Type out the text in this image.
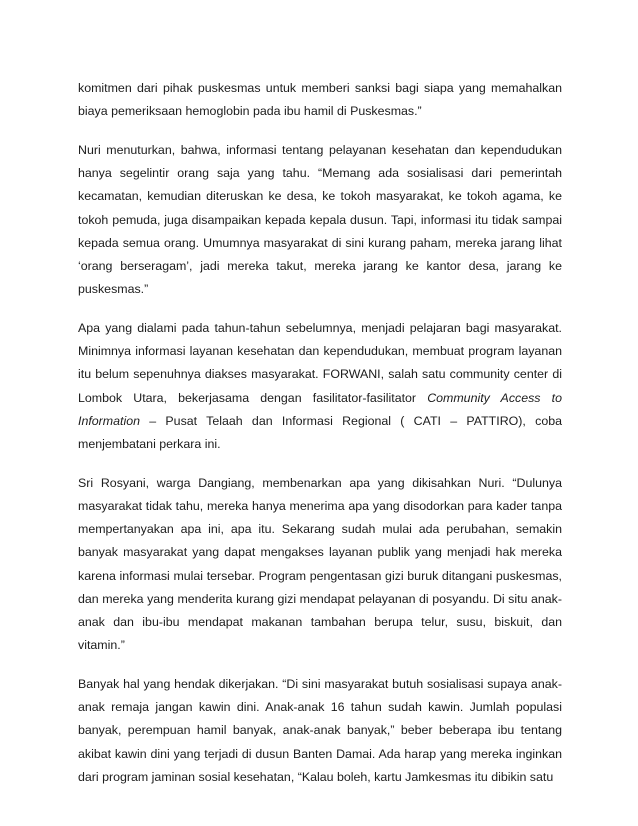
komitmen dari pihak puskesmas untuk memberi sanksi bagi siapa yang memahalkan biaya pemeriksaan hemoglobin pada ibu hamil di Puskesmas.”

Nuri menuturkan, bahwa, informasi tentang pelayanan kesehatan dan kependudukan hanya segelintir orang saja yang tahu. “Memang ada sosialisasi dari pemerintah kecamatan, kemudian diteruskan ke desa, ke tokoh masyarakat, ke tokoh agama, ke tokoh pemuda, juga disampaikan kepada kepala dusun. Tapi, informasi itu tidak sampai kepada semua orang. Umumnya masyarakat di sini kurang paham, mereka jarang lihat ‘orang berseragam’, jadi mereka takut, mereka jarang ke kantor desa, jarang ke puskesmas.”

Apa yang dialami pada tahun-tahun sebelumnya, menjadi pelajaran bagi masyarakat. Minimnya informasi layanan kesehatan dan kependudukan, membuat program layanan itu belum sepenuhnya diakses masyarakat. FORWANI, salah satu community center di Lombok Utara, bekerjasama dengan fasilitator-fasilitator Community Access to Information – Pusat Telaah dan Informasi Regional ( CATI – PATTIRO), coba menjembatani perkara ini.

Sri Rosyani, warga Dangiang, membenarkan apa yang dikisahkan Nuri. “Dulunya masyarakat tidak tahu, mereka hanya menerima apa yang disodorkan para kader tanpa mempertanyakan apa ini, apa itu. Sekarang sudah mulai ada perubahan, semakin banyak masyarakat yang dapat mengakses layanan publik yang menjadi hak mereka karena informasi mulai tersebar. Program pengentasan gizi buruk ditangani puskesmas, dan mereka yang menderita kurang gizi mendapat pelayanan di posyandu. Di situ anak-anak dan ibu-ibu mendapat makanan tambahan berupa telur, susu, biskuit, dan vitamin.”

Banyak hal yang hendak dikerjakan. “Di sini masyarakat butuh sosialisasi supaya anak-anak remaja jangan kawin dini. Anak-anak 16 tahun sudah kawin. Jumlah populasi banyak, perempuan hamil banyak, anak-anak banyak,” beber beberapa ibu tentang akibat kawin dini yang terjadi di dusun Banten Damai. Ada harap yang mereka inginkan dari program jaminan sosial kesehatan, “Kalau boleh, kartu Jamkesmas itu dibikin satu
